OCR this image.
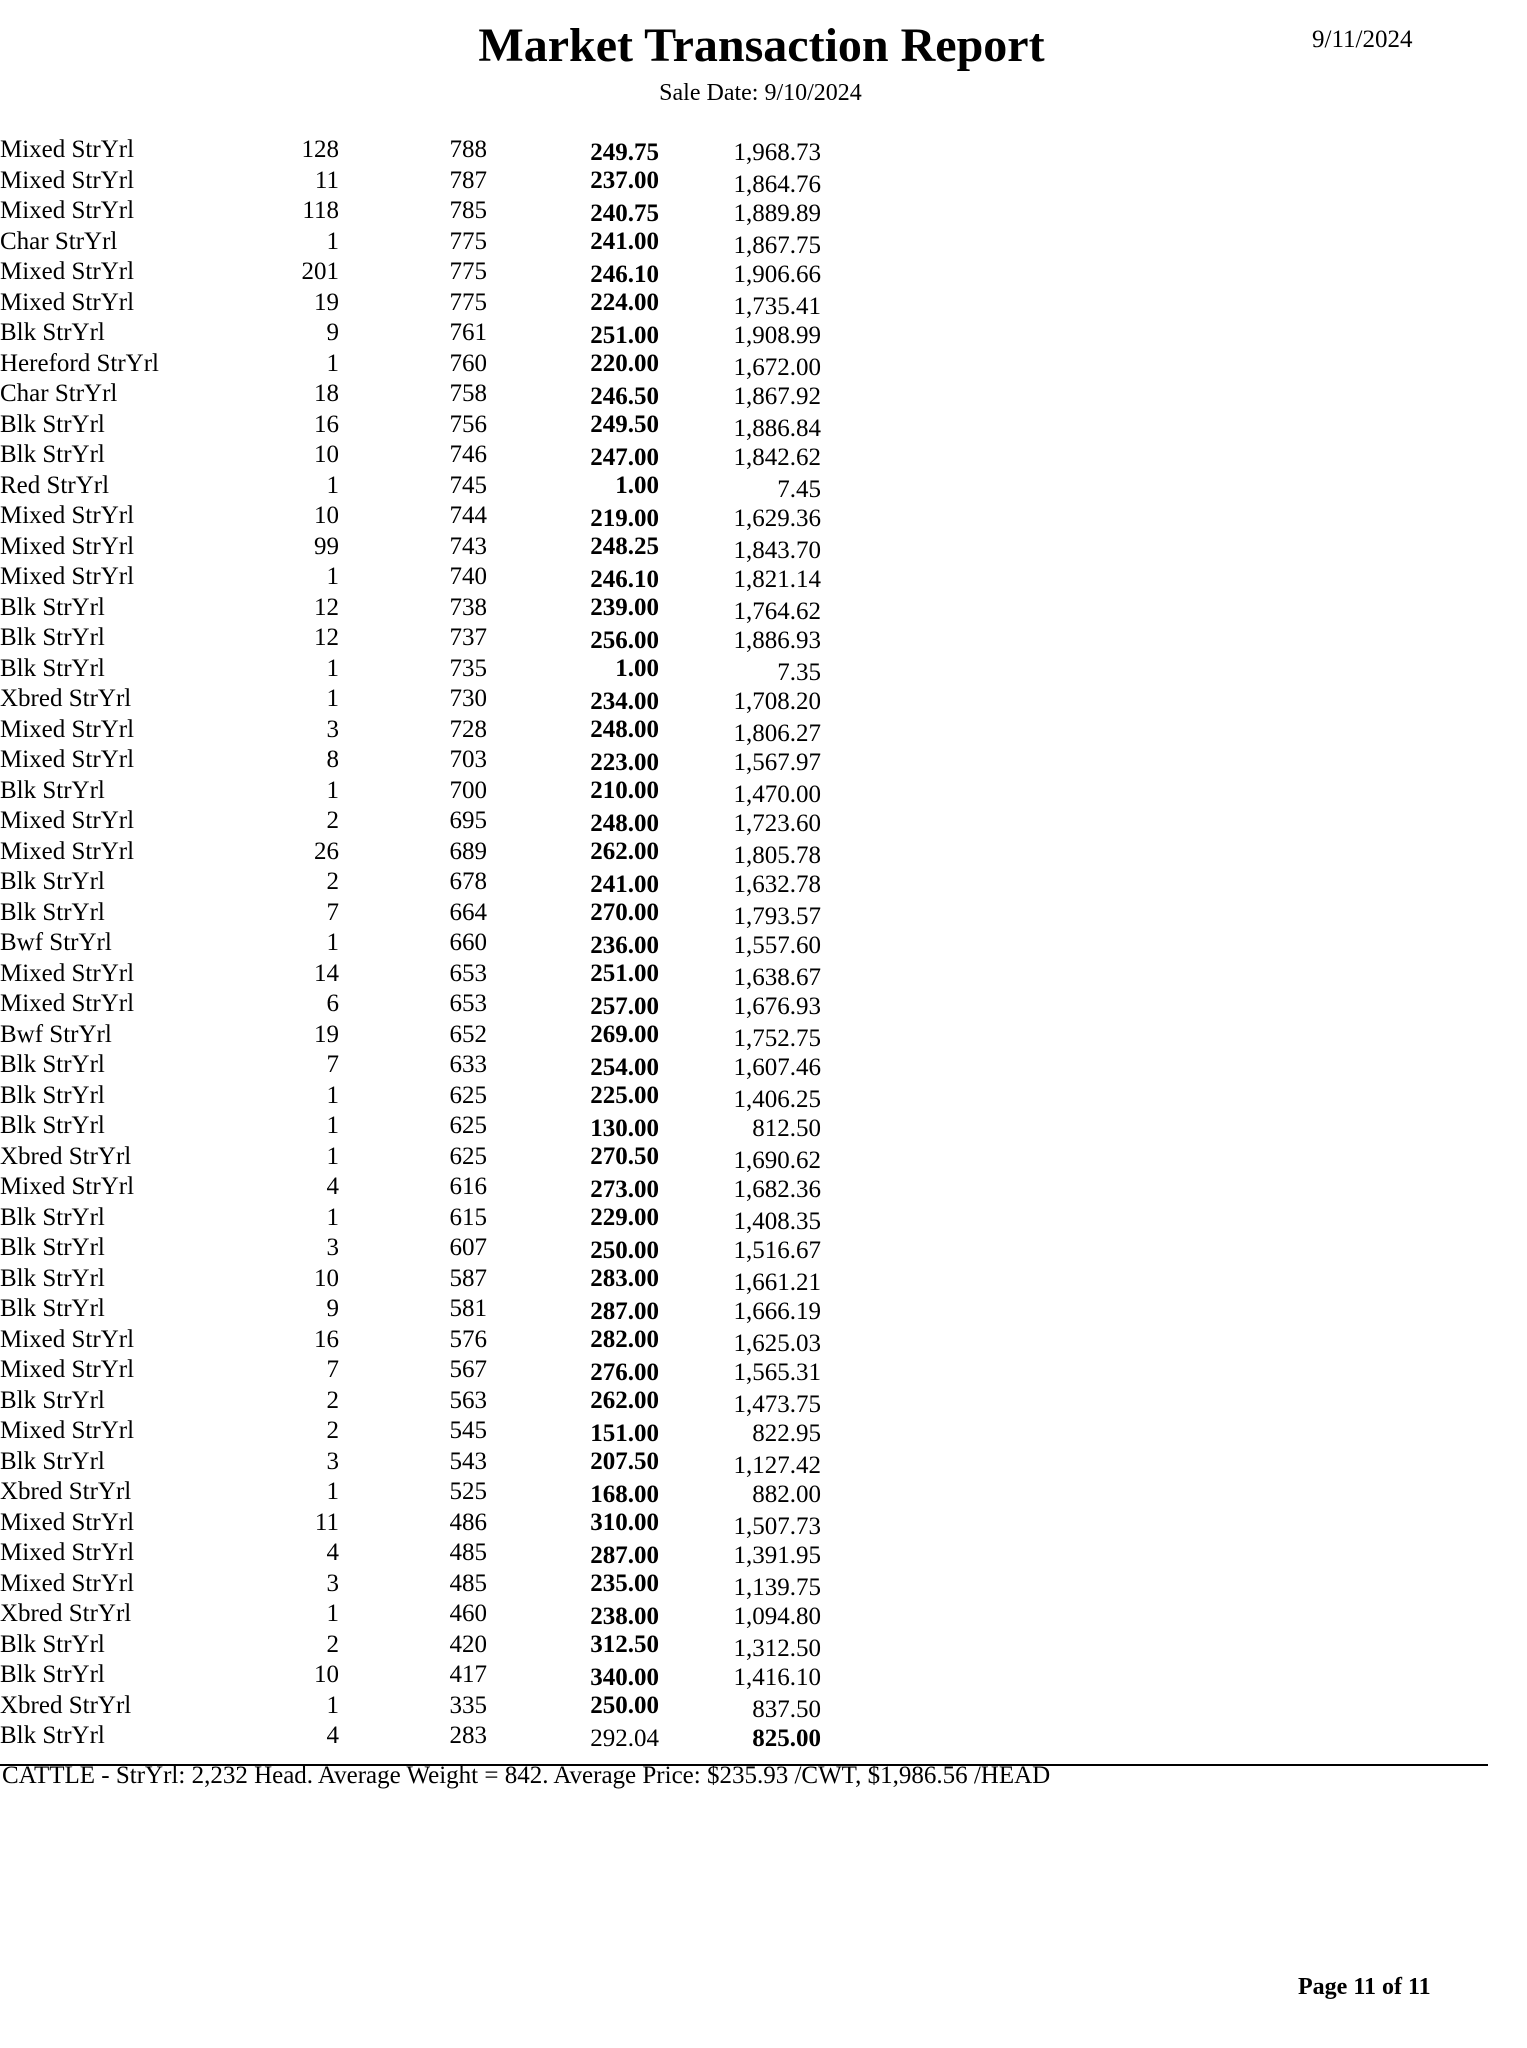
Market Transaction Report	9/11/2024
Sale Date: 9/10/2024
Mixed StrYrl	128	788	249.75	1,968.73
Mixed StrYrl	11	787	237.00	1,864.76
Mixed StrYrl	118	785	240.75	1,889.89
Char StrYrl	1	775	241.00	1,867.75
Mixed StrYrl	201	775	246.10	1,906.66
Mixed StrYrl	19	775	224.00	1,735.41
Blk StrYrl	9	761	251.00	1,908.99
Hereford StrYrl	1	760	220.00	1,672.00
Char StrYrl	18	758	246.50	1,867.92
Blk StrYrl	16	756	249.50	1,886.84
Blk StrYrl	10	746	247.00	1,842.62
Red StrYrl	1	745	1.00	7.45
Mixed StrYrl	10	744	219.00	1,629.36
Mixed StrYrl	99	743	248.25	1,843.70
Mixed StrYrl	1	740	246.10	1,821.14
Blk StrYrl	12	738	239.00	1,764.62
Blk StrYrl	12	737	256.00	1,886.93
Blk StrYrl	1	735	1.00	7.35
Xbred StrYrl	1	730	234.00	1,708.20
Mixed StrYrl	3	728	248.00	1,806.27
Mixed StrYrl	8	703	223.00	1,567.97
Blk StrYrl	1	700	210.00	1,470.00
Mixed StrYrl	2	695	248.00	1,723.60
Mixed StrYrl	26	689	262.00	1,805.78
Blk StrYrl	2	678	241.00	1,632.78
Blk StrYrl	7	664	270.00	1,793.57
Bwf StrYrl	1	660	236.00	1,557.60
Mixed StrYrl	14	653	251.00	1,638.67
Mixed StrYrl	6	653	257.00	1,676.93
Bwf StrYrl	19	652	269.00	1,752.75
Blk StrYrl	7	633	254.00	1,607.46
Blk StrYrl	1	625	225.00	1,406.25
Blk StrYrl	1	625	130.00	812.50
Xbred StrYrl	1	625	270.50	1,690.62
Mixed StrYrl	4	616	273.00	1,682.36
Blk StrYrl	1	615	229.00	1,408.35
Blk StrYrl	3	607	250.00	1,516.67
Blk StrYrl	10	587	283.00	1,661.21
Blk StrYrl	9	581	287.00	1,666.19
Mixed StrYrl	16	576	282.00	1,625.03
Mixed StrYrl	7	567	276.00	1,565.31
Blk StrYrl	2	563	262.00	1,473.75
Mixed StrYrl	2	545	151.00	822.95
Blk StrYrl	3	543	207.50	1,127.42
Xbred StrYrl	1	525	168.00	882.00
Mixed StrYrl	11	486	310.00	1,507.73
Mixed StrYrl	4	485	287.00	1,391.95
Mixed StrYrl	3	485	235.00	1,139.75
Xbred StrYrl	1	460	238.00	1,094.80
Blk StrYrl	2	420	312.50	1,312.50
Blk StrYrl	10	417	340.00	1,416.10
Xbred StrYrl	1	335	250.00	837.50
Blk StrYrl	4	283	292.04	825.00
CATTLE - StrYrl: 2,232 Head. Average Weight = 842. Average Price: $235.93 /CWT, $1,986.56 /HEAD
Page 11 of 11
